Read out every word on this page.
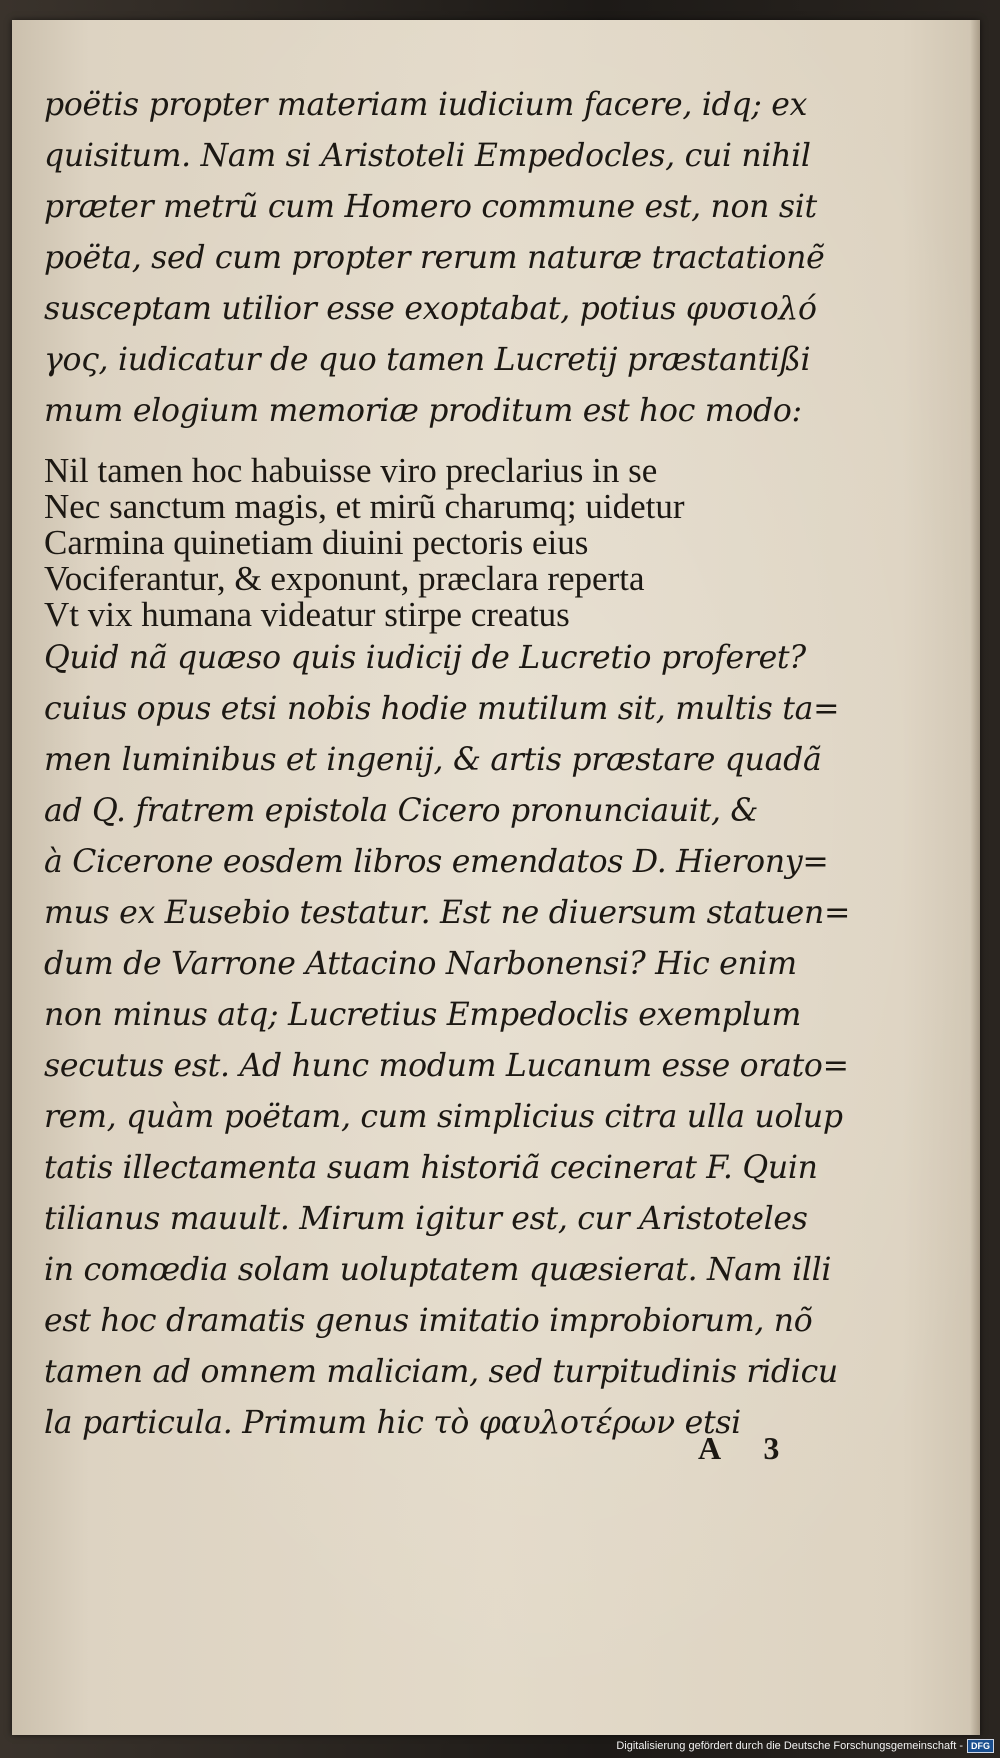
poëtis propter materiam iudicium facere, idq; ex
quisitum. Nam si Aristoteli Empedocles, cui nihil
præter metrũ cum Homero commune est, non sit
poëta, sed cum propter rerum naturæ tractationẽ
susceptam utilior esse exoptabat, potius φυσιολό
γος, iudicatur de quo tamen Lucretij præstantißi
mum elogium memoriæ proditum est hoc modo:
Nil tamen hoc habuisse viro preclarius in se
Nec sanctum magis, et mirũ charumq; uidetur
Carmina quinetiam diuini pectoris eius
Vociferantur, & exponunt, præclara reperta
Vt vix humana videatur stirpe creatus
Quid nã quæso quis iudicij de Lucretio proferet?
cuius opus etsi nobis hodie mutilum sit, multis ta=
men luminibus et ingenij, & artis præstare quadã
ad Q. fratrem epistola Cicero pronunciauit, &
à Cicerone eosdem libros emendatos D. Hierony=
mus ex Eusebio testatur. Est ne diuersum statuen=
dum de Varrone Attacino Narbonensi? Hic enim
non minus atq; Lucretius Empedoclis exemplum
secutus est. Ad hunc modum Lucanum esse orato=
rem, quàm poëtam, cum simplicius citra ulla uolup
tatis illectamenta suam historiã cecinerat F. Quin
tilianus mauult. Mirum igitur est, cur Aristoteles
in comœdia solam uoluptatem quæsierat. Nam illi
est hoc dramatis genus imitatio improbiorum, nõ
tamen ad omnem maliciam, sed turpitudinis ridicu
la particula. Primum hic τὸ φαυλοτέρων etsi
A 3
Digitalisierung gefördert durch die Deutsche Forschungsgemeinschaft - DFG
